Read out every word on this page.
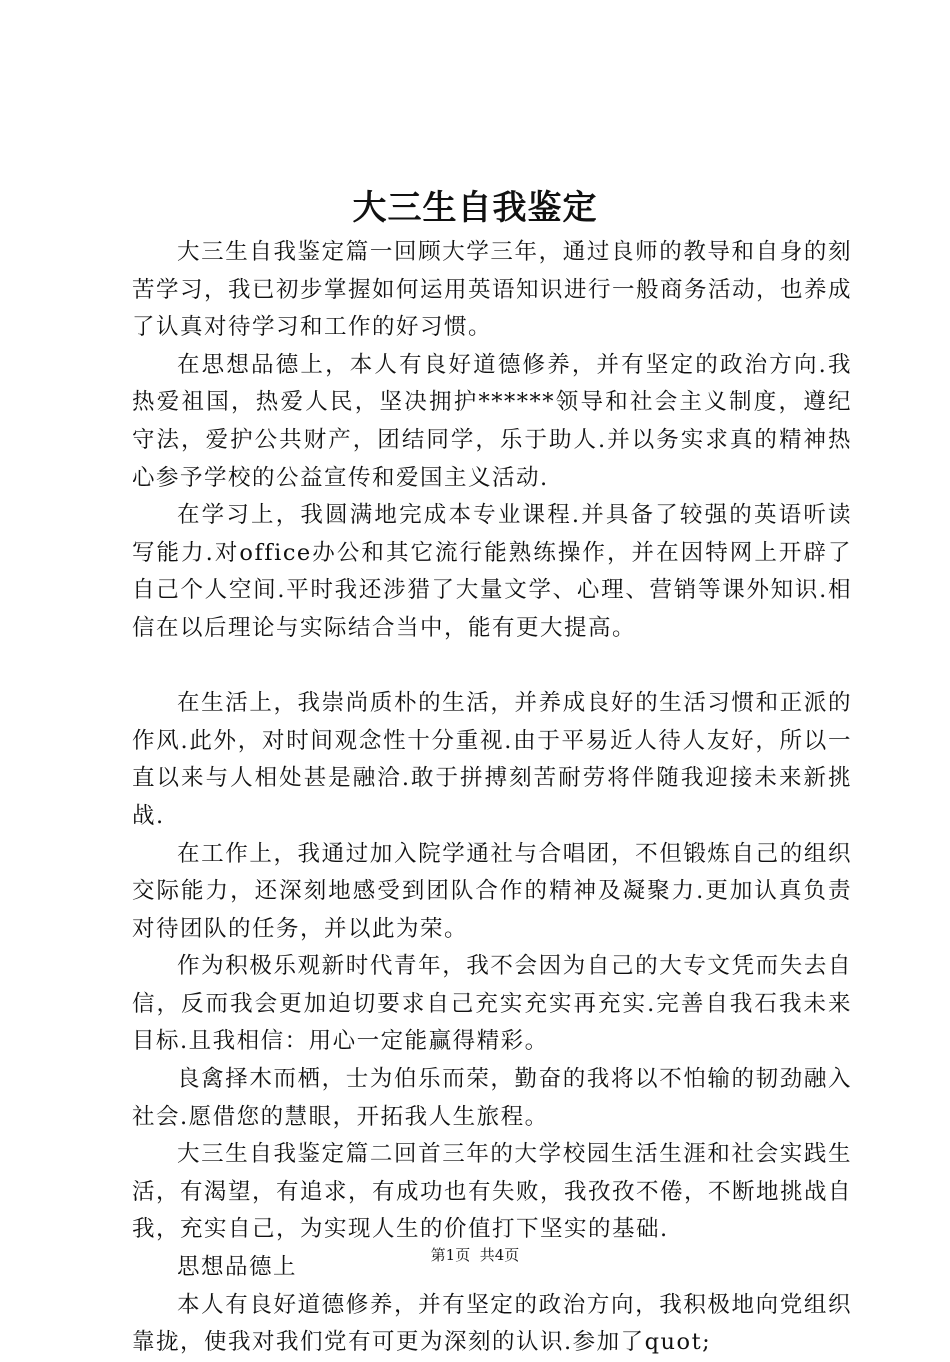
大三生自我鉴定

大三生自我鉴定篇一回顾大学三年，通过良师的教导和自身的刻苦学习，我已初步掌握如何运用英语知识进行一般商务活动，也养成了认真对待学习和工作的好习惯。

在思想品德上，本人有良好道德修养，并有坚定的政治方向.我热爱祖国，热爱人民，坚决拥护******领导和社会主义制度，遵纪守法，爱护公共财产，团结同学，乐于助人.并以务实求真的精神热心参予学校的公益宣传和爱国主义活动.

在学习上，我圆满地完成本专业课程.并具备了较强的英语听读写能力.对office办公和其它流行能熟练操作，并在因特网上开辟了自己个人空间.平时我还涉猎了大量文学、心理、营销等课外知识.相信在以后理论与实际结合当中，能有更大提高。

在生活上，我崇尚质朴的生活，并养成良好的生活习惯和正派的作风.此外，对时间观念性十分重视.由于平易近人待人友好，所以一直以来与人相处甚是融洽.敢于拼搏刻苦耐劳将伴随我迎接未来新挑战.

在工作上，我通过加入院学通社与合唱团，不但锻炼自己的组织交际能力，还深刻地感受到团队合作的精神及凝聚力.更加认真负责对待团队的任务，并以此为荣。

作为积极乐观新时代青年，我不会因为自己的大专文凭而失去自信，反而我会更加迫切要求自己充实充实再充实.完善自我石我未来目标.且我相信：用心一定能赢得精彩。

良禽择木而栖，士为伯乐而荣，勤奋的我将以不怕输的韧劲融入社会.愿借您的慧眼，开拓我人生旅程。

大三生自我鉴定篇二回首三年的大学校园生活生涯和社会实践生活，有渴望，有追求，有成功也有失败，我孜孜不倦，不断地挑战自我，充实自己，为实现人生的价值打下坚实的基础.

思想品德上

本人有良好道德修养，并有坚定的政治方向，我积极地向党组织靠拢，使我对我们党有可更为深刻的认识.参加了quot;

第1页 共4页
